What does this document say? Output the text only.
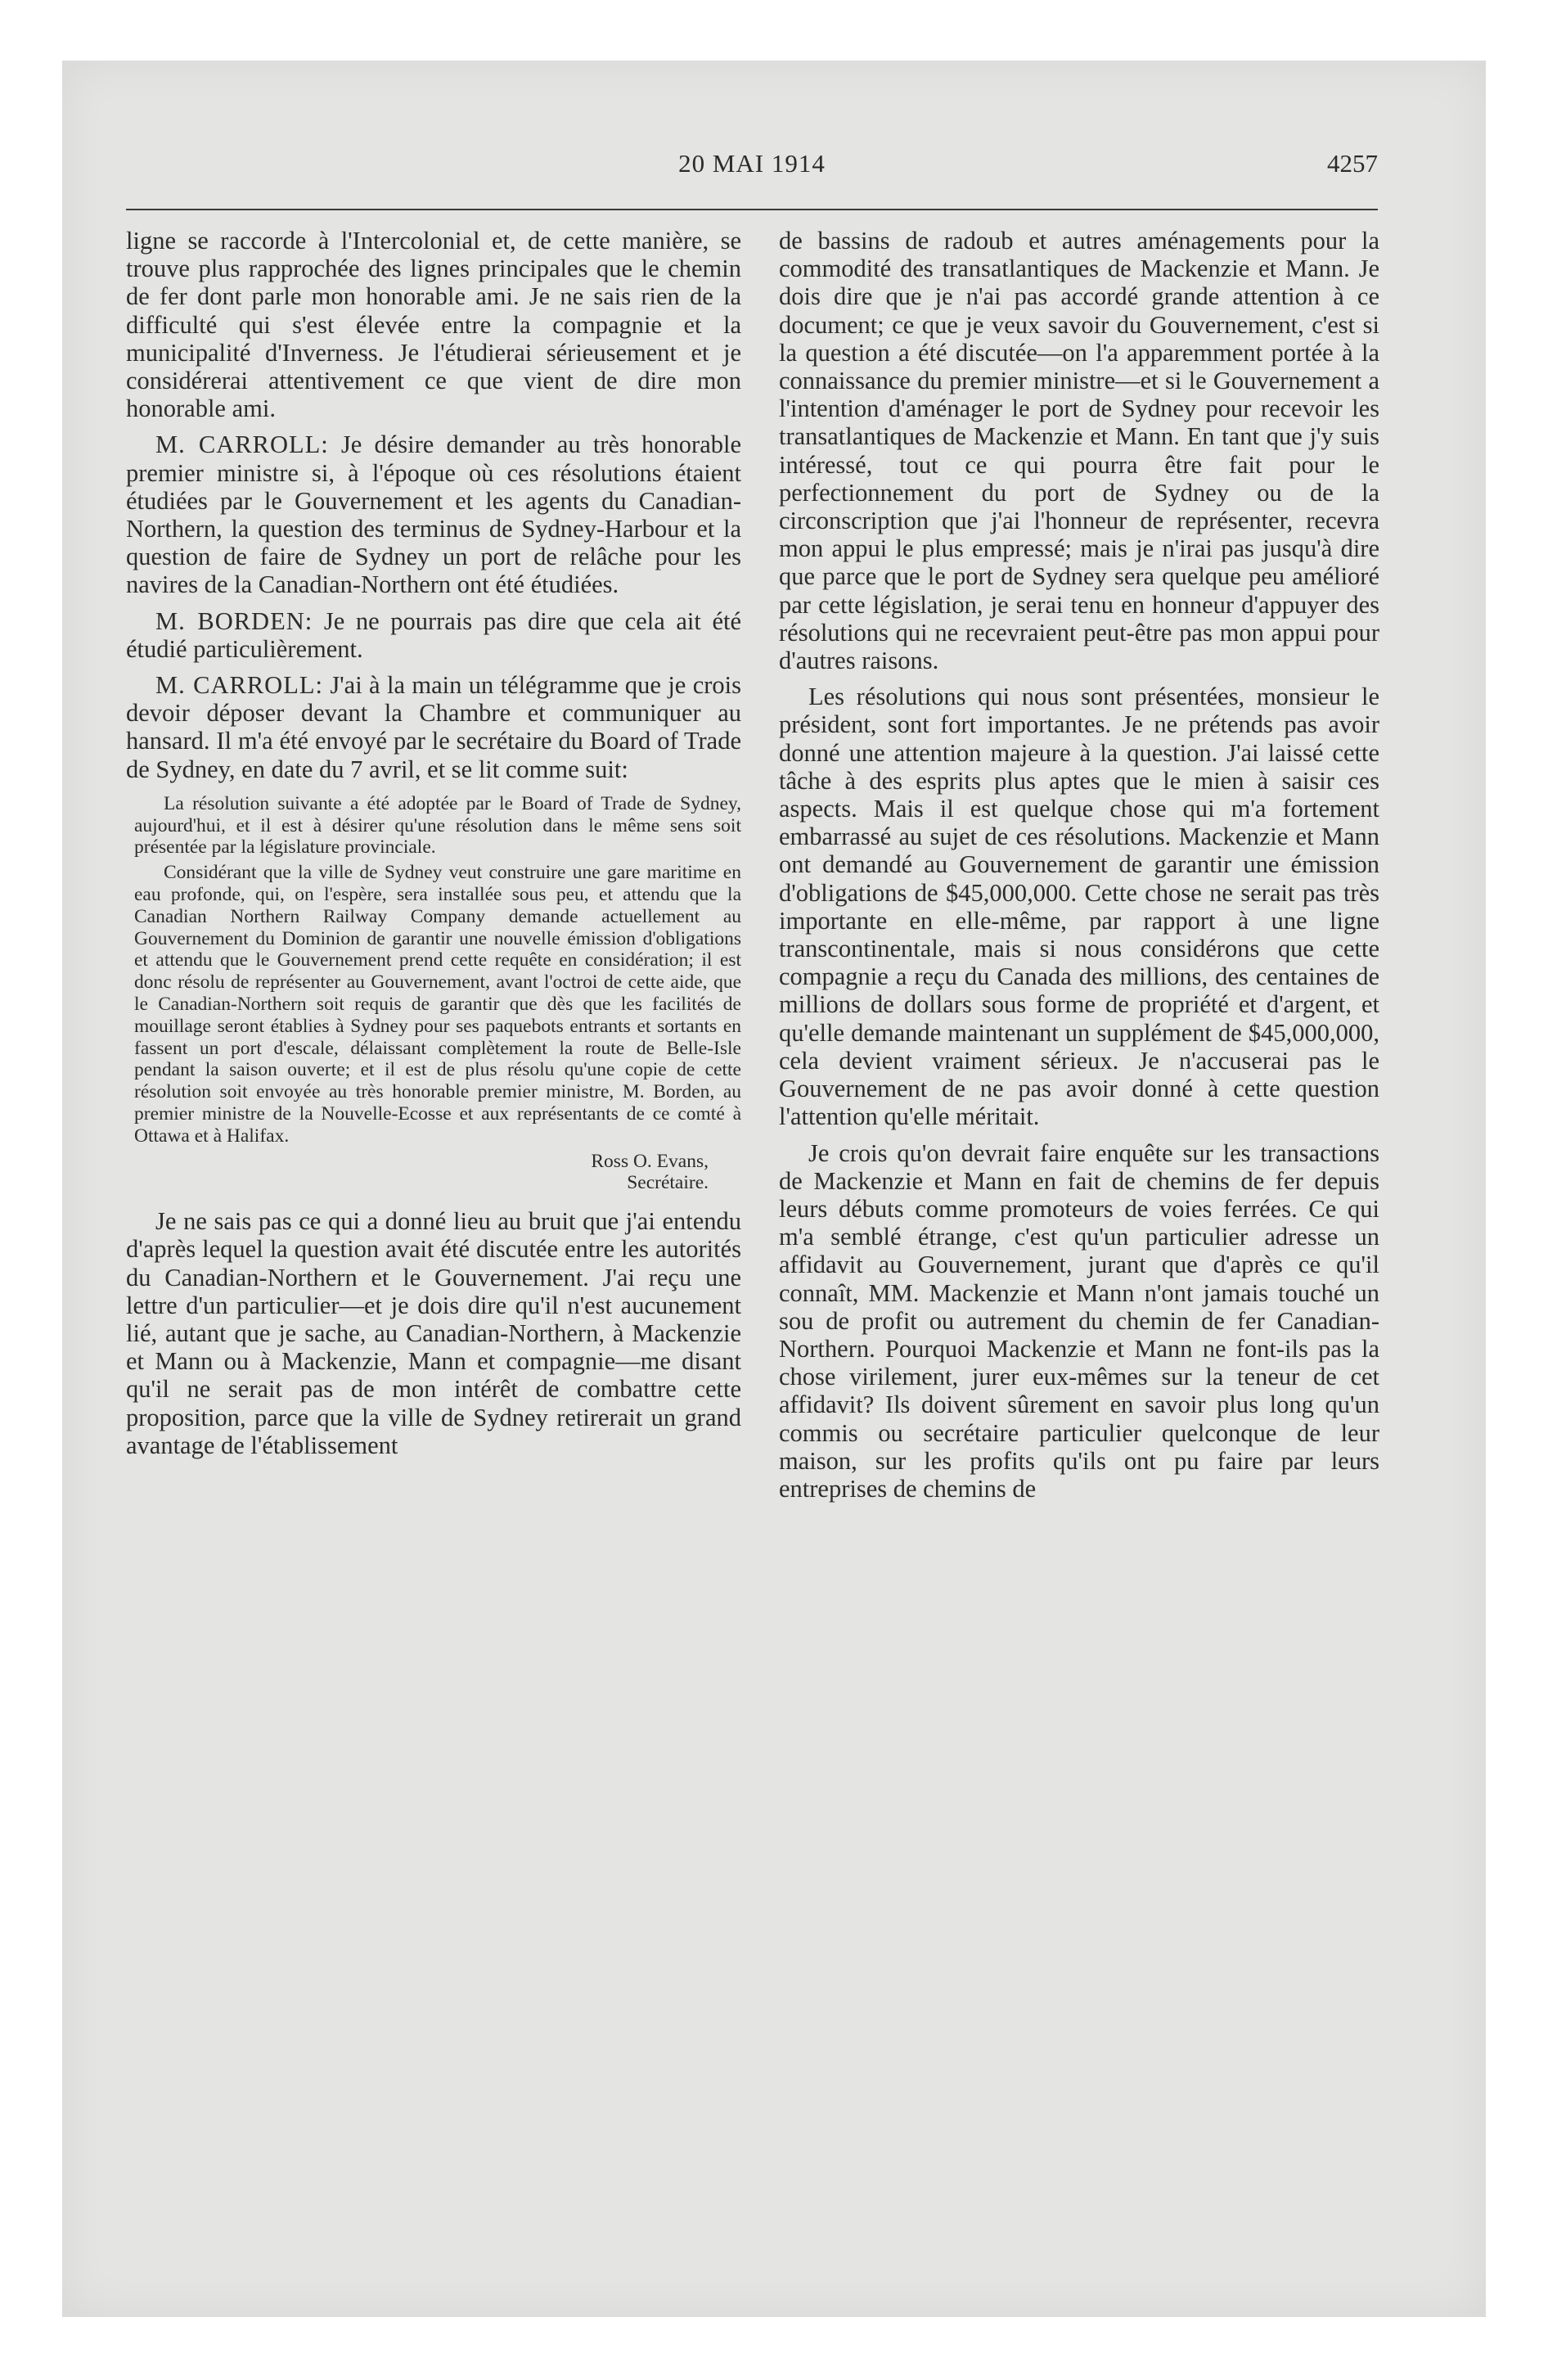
20 MAI 1914	4257

ligne se raccorde à l'Intercolonial et, de cette manière, se trouve plus rapprochée des lignes principales que le chemin de fer dont parle mon honorable ami. Je ne sais rien de la difficulté qui s'est élevée entre la compagnie et la municipalité d'Inverness. Je l'étudierai sérieusement et je considérerai attentivement ce que vient de dire mon honorable ami.

M. CARROLL: Je désire demander au très honorable premier ministre si, à l'époque où ces résolutions étaient étudiées par le Gouvernement et les agents du Canadian-Northern, la question des terminus de Sydney-Harbour et la question de faire de Sydney un port de relâche pour les navires de la Canadian-Northern ont été étudiées.

M. BORDEN: Je ne pourrais pas dire que cela ait été étudié particulièrement.

M. CARROLL: J'ai à la main un télégramme que je crois devoir déposer devant la Chambre et communiquer au hansard. Il m'a été envoyé par le secrétaire du Board of Trade de Sydney, en date du 7 avril, et se lit comme suit:

La résolution suivante a été adoptée par le Board of Trade de Sydney, aujourd'hui, et il est à désirer qu'une résolution dans le même sens soit présentée par la législature provinciale.

Considérant que la ville de Sydney veut construire une gare maritime en eau profonde, qui, on l'espère, sera installée sous peu, et attendu que la Canadian Northern Railway Company demande actuellement au Gouvernement du Dominion de garantir une nouvelle émission d'obligations et attendu que le Gouvernement prend cette requête en considération; il est donc résolu de représenter au Gouvernement, avant l'octroi de cette aide, que le Canadian-Northern soit requis de garantir que dès que les facilités de mouillage seront établies à Sydney pour ses paquebots entrants et sortants en fassent un port d'escale, délaissant complètement la route de Belle-Isle pendant la saison ouverte; et il est de plus résolu qu'une copie de cette résolution soit envoyée au très honorable premier ministre, M. Borden, au premier ministre de la Nouvelle-Ecosse et aux représentants de ce comté à Ottawa et à Halifax.

Ross O. Evans,
Secrétaire.

Je ne sais pas ce qui a donné lieu au bruit que j'ai entendu d'après lequel la question avait été discutée entre les autorités du Canadian-Northern et le Gouvernement. J'ai reçu une lettre d'un particulier—et je dois dire qu'il n'est aucunement lié, autant que je sache, au Canadian-Northern, à Mackenzie et Mann ou à Mackenzie, Mann et compagnie—me disant qu'il ne serait pas de mon intérêt de combattre cette proposition, parce que la ville de Sydney retirerait un grand avantage de l'établissement

de bassins de radoub et autres aménagements pour la commodité des transatlantiques de Mackenzie et Mann. Je dois dire que je n'ai pas accordé grande attention à ce document; ce que je veux savoir du Gouvernement, c'est si la question a été discutée—on l'a apparemment portée à la connaissance du premier ministre—et si le Gouvernement a l'intention d'aménager le port de Sydney pour recevoir les transatlantiques de Mackenzie et Mann. En tant que j'y suis intéressé, tout ce qui pourra être fait pour le perfectionnement du port de Sydney ou de la circonscription que j'ai l'honneur de représenter, recevra mon appui le plus empressé; mais je n'irai pas jusqu'à dire que parce que le port de Sydney sera quelque peu amélioré par cette législation, je serai tenu en honneur d'appuyer des résolutions qui ne recevraient peut-être pas mon appui pour d'autres raisons.

Les résolutions qui nous sont présentées, monsieur le président, sont fort importantes. Je ne prétends pas avoir donné une attention majeure à la question. J'ai laissé cette tâche à des esprits plus aptes que le mien à saisir ces aspects. Mais il est quelque chose qui m'a fortement embarrassé au sujet de ces résolutions. Mackenzie et Mann ont demandé au Gouvernement de garantir une émission d'obligations de $45,000,000. Cette chose ne serait pas très importante en elle-même, par rapport à une ligne transcontinentale, mais si nous considérons que cette compagnie a reçu du Canada des millions, des centaines de millions de dollars sous forme de propriété et d'argent, et qu'elle demande maintenant un supplément de $45,000,000, cela devient vraiment sérieux. Je n'accuserai pas le Gouvernement de ne pas avoir donné à cette question l'attention qu'elle méritait.

Je crois qu'on devrait faire enquête sur les transactions de Mackenzie et Mann en fait de chemins de fer depuis leurs débuts comme promoteurs de voies ferrées. Ce qui m'a semblé étrange, c'est qu'un particulier adresse un affidavit au Gouvernement, jurant que d'après ce qu'il connaît, MM. Mackenzie et Mann n'ont jamais touché un sou de profit ou autrement du chemin de fer Canadian-Northern. Pourquoi Mackenzie et Mann ne font-ils pas la chose virilement, jurer eux-mêmes sur la teneur de cet affidavit? Ils doivent sûrement en savoir plus long qu'un commis ou secrétaire particulier quelconque de leur maison, sur les profits qu'ils ont pu faire par leurs entreprises de chemins de
